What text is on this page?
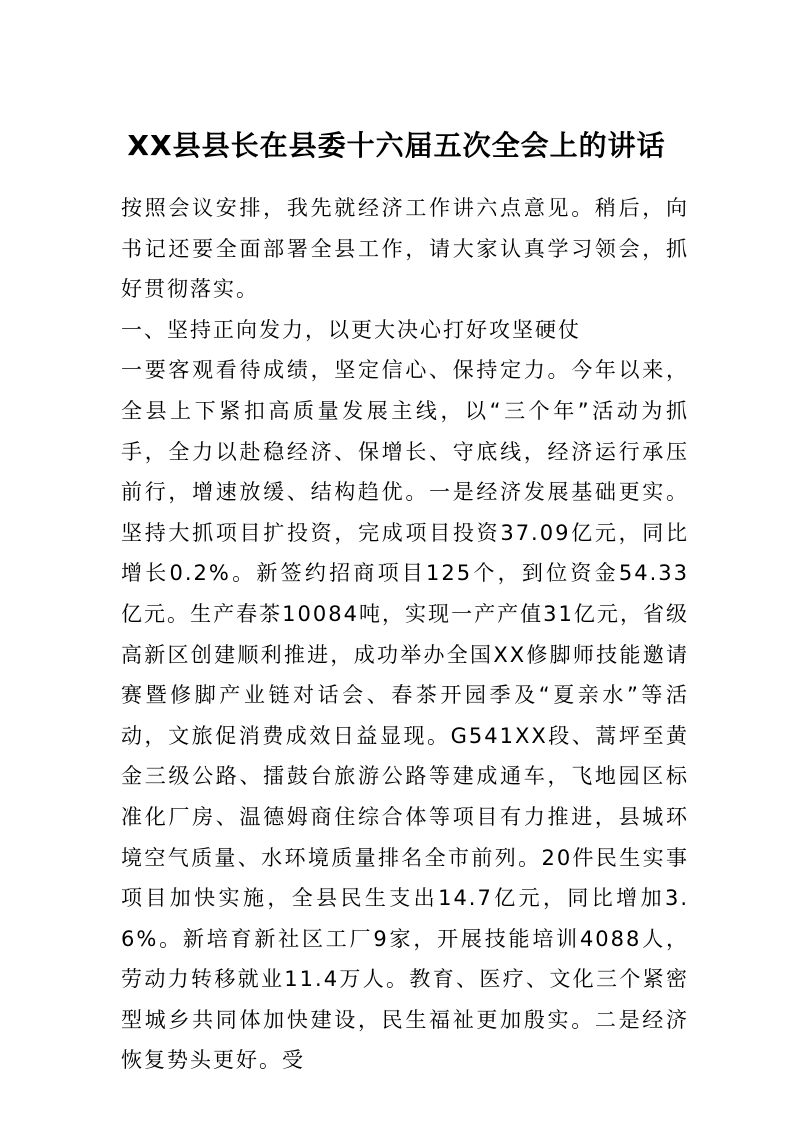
XX县县长在县委十六届五次全会上的讲话

按照会议安排，我先就经济工作讲六点意见。稍后，向书记还要全面部署全县工作，请大家认真学习领会，抓好贯彻落实。

一、坚持正向发力，以更大决心打好攻坚硬仗

一要客观看待成绩，坚定信心、保持定力。今年以来，全县上下紧扣高质量发展主线，以“三个年”活动为抓手，全力以赴稳经济、保增长、守底线，经济运行承压前行，增速放缓、结构趋优。一是经济发展基础更实。坚持大抓项目扩投资，完成项目投资37.09亿元，同比增长0.2%。新签约招商项目125个，到位资金54.33亿元。生产春茶10084吨，实现一产产值31亿元，省级高新区创建顺利推进，成功举办全国XX修脚师技能邀请赛暨修脚产业链对话会、春茶开园季及“夏亲水”等活动，文旅促消费成效日益显现。G541XX段、蒿坪至黄金三级公路、擂鼓台旅游公路等建成通车，飞地园区标准化厂房、温德姆商住综合体等项目有力推进，县城环境空气质量、水环境质量排名全市前列。20件民生实事项目加快实施，全县民生支出14.7亿元，同比增加3.6%。新培育新社区工厂9家，开展技能培训4088人，劳动力转移就业11.4万人。教育、医疗、文化三个紧密型城乡共同体加快建设，民生福祉更加殷实。二是经济恢复势头更好。受
